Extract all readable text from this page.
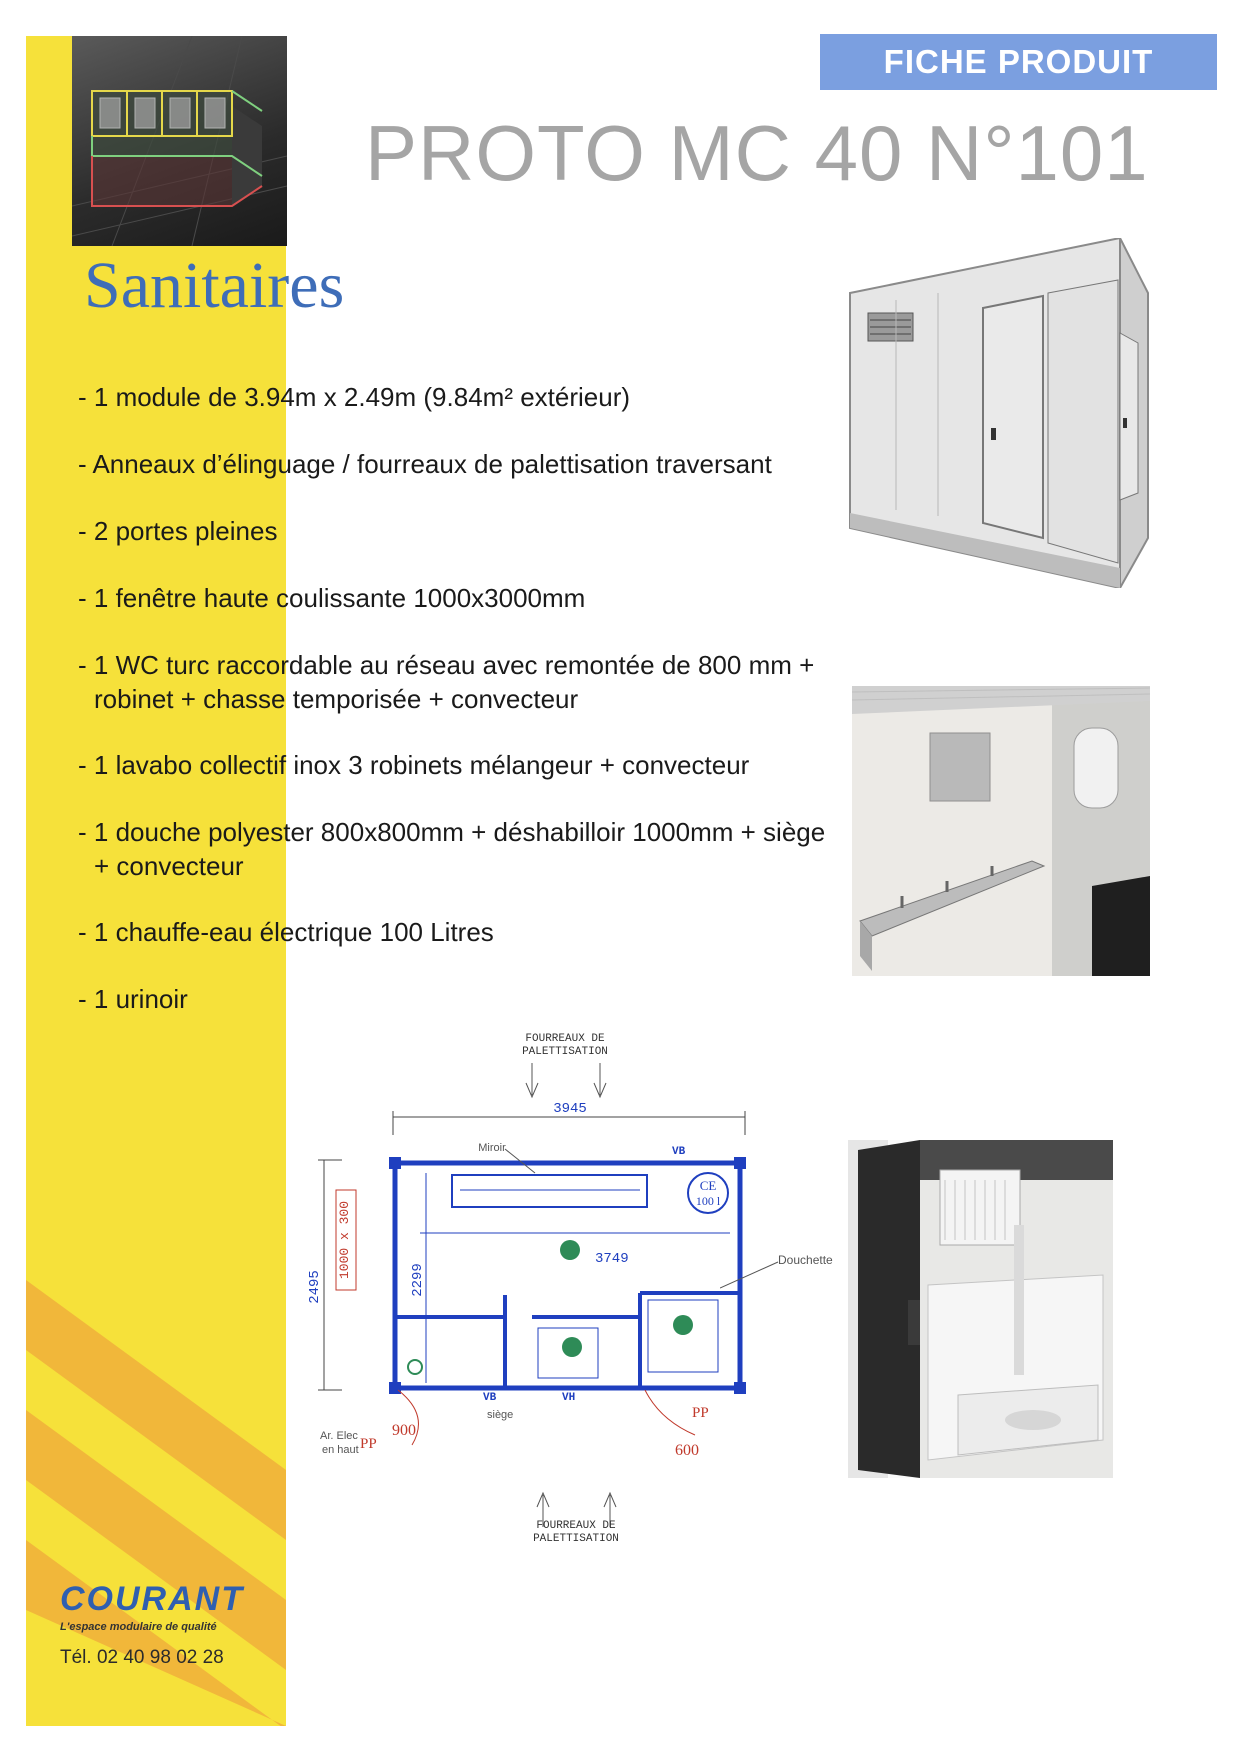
FICHE PRODUIT
PROTO MC 40 N°101
Sanitaires
- 1 module de 3.94m x 2.49m (9.84m² extérieur)
- Anneaux d’élinguage / fourreaux de palettisation traversant
- 2 portes pleines
- 1 fenêtre haute coulissante 1000x3000mm
- 1 WC turc raccordable au réseau avec remontée de 800 mm + robinet + chasse temporisée + convecteur
- 1 lavabo collectif inox 3 robinets mélangeur + convecteur
- 1 douche polyester 800x800mm + déshabilloir 1000mm + siège + convecteur
- 1 chauffe-eau électrique 100 Litres
- 1 urinoir
FOURREAUX DE
PALETTISATION
3945
2495
1000 x 300
Miroir	VB
CE
100 l
3749
2299
VB	VH
siège
Ar. Elec
en haut PP
900
PP
600
FOURREAUX DE
PALETTISATION
Douchette
COURANT
L'espace modulaire de qualité
Tél. 02 40 98 02 28
